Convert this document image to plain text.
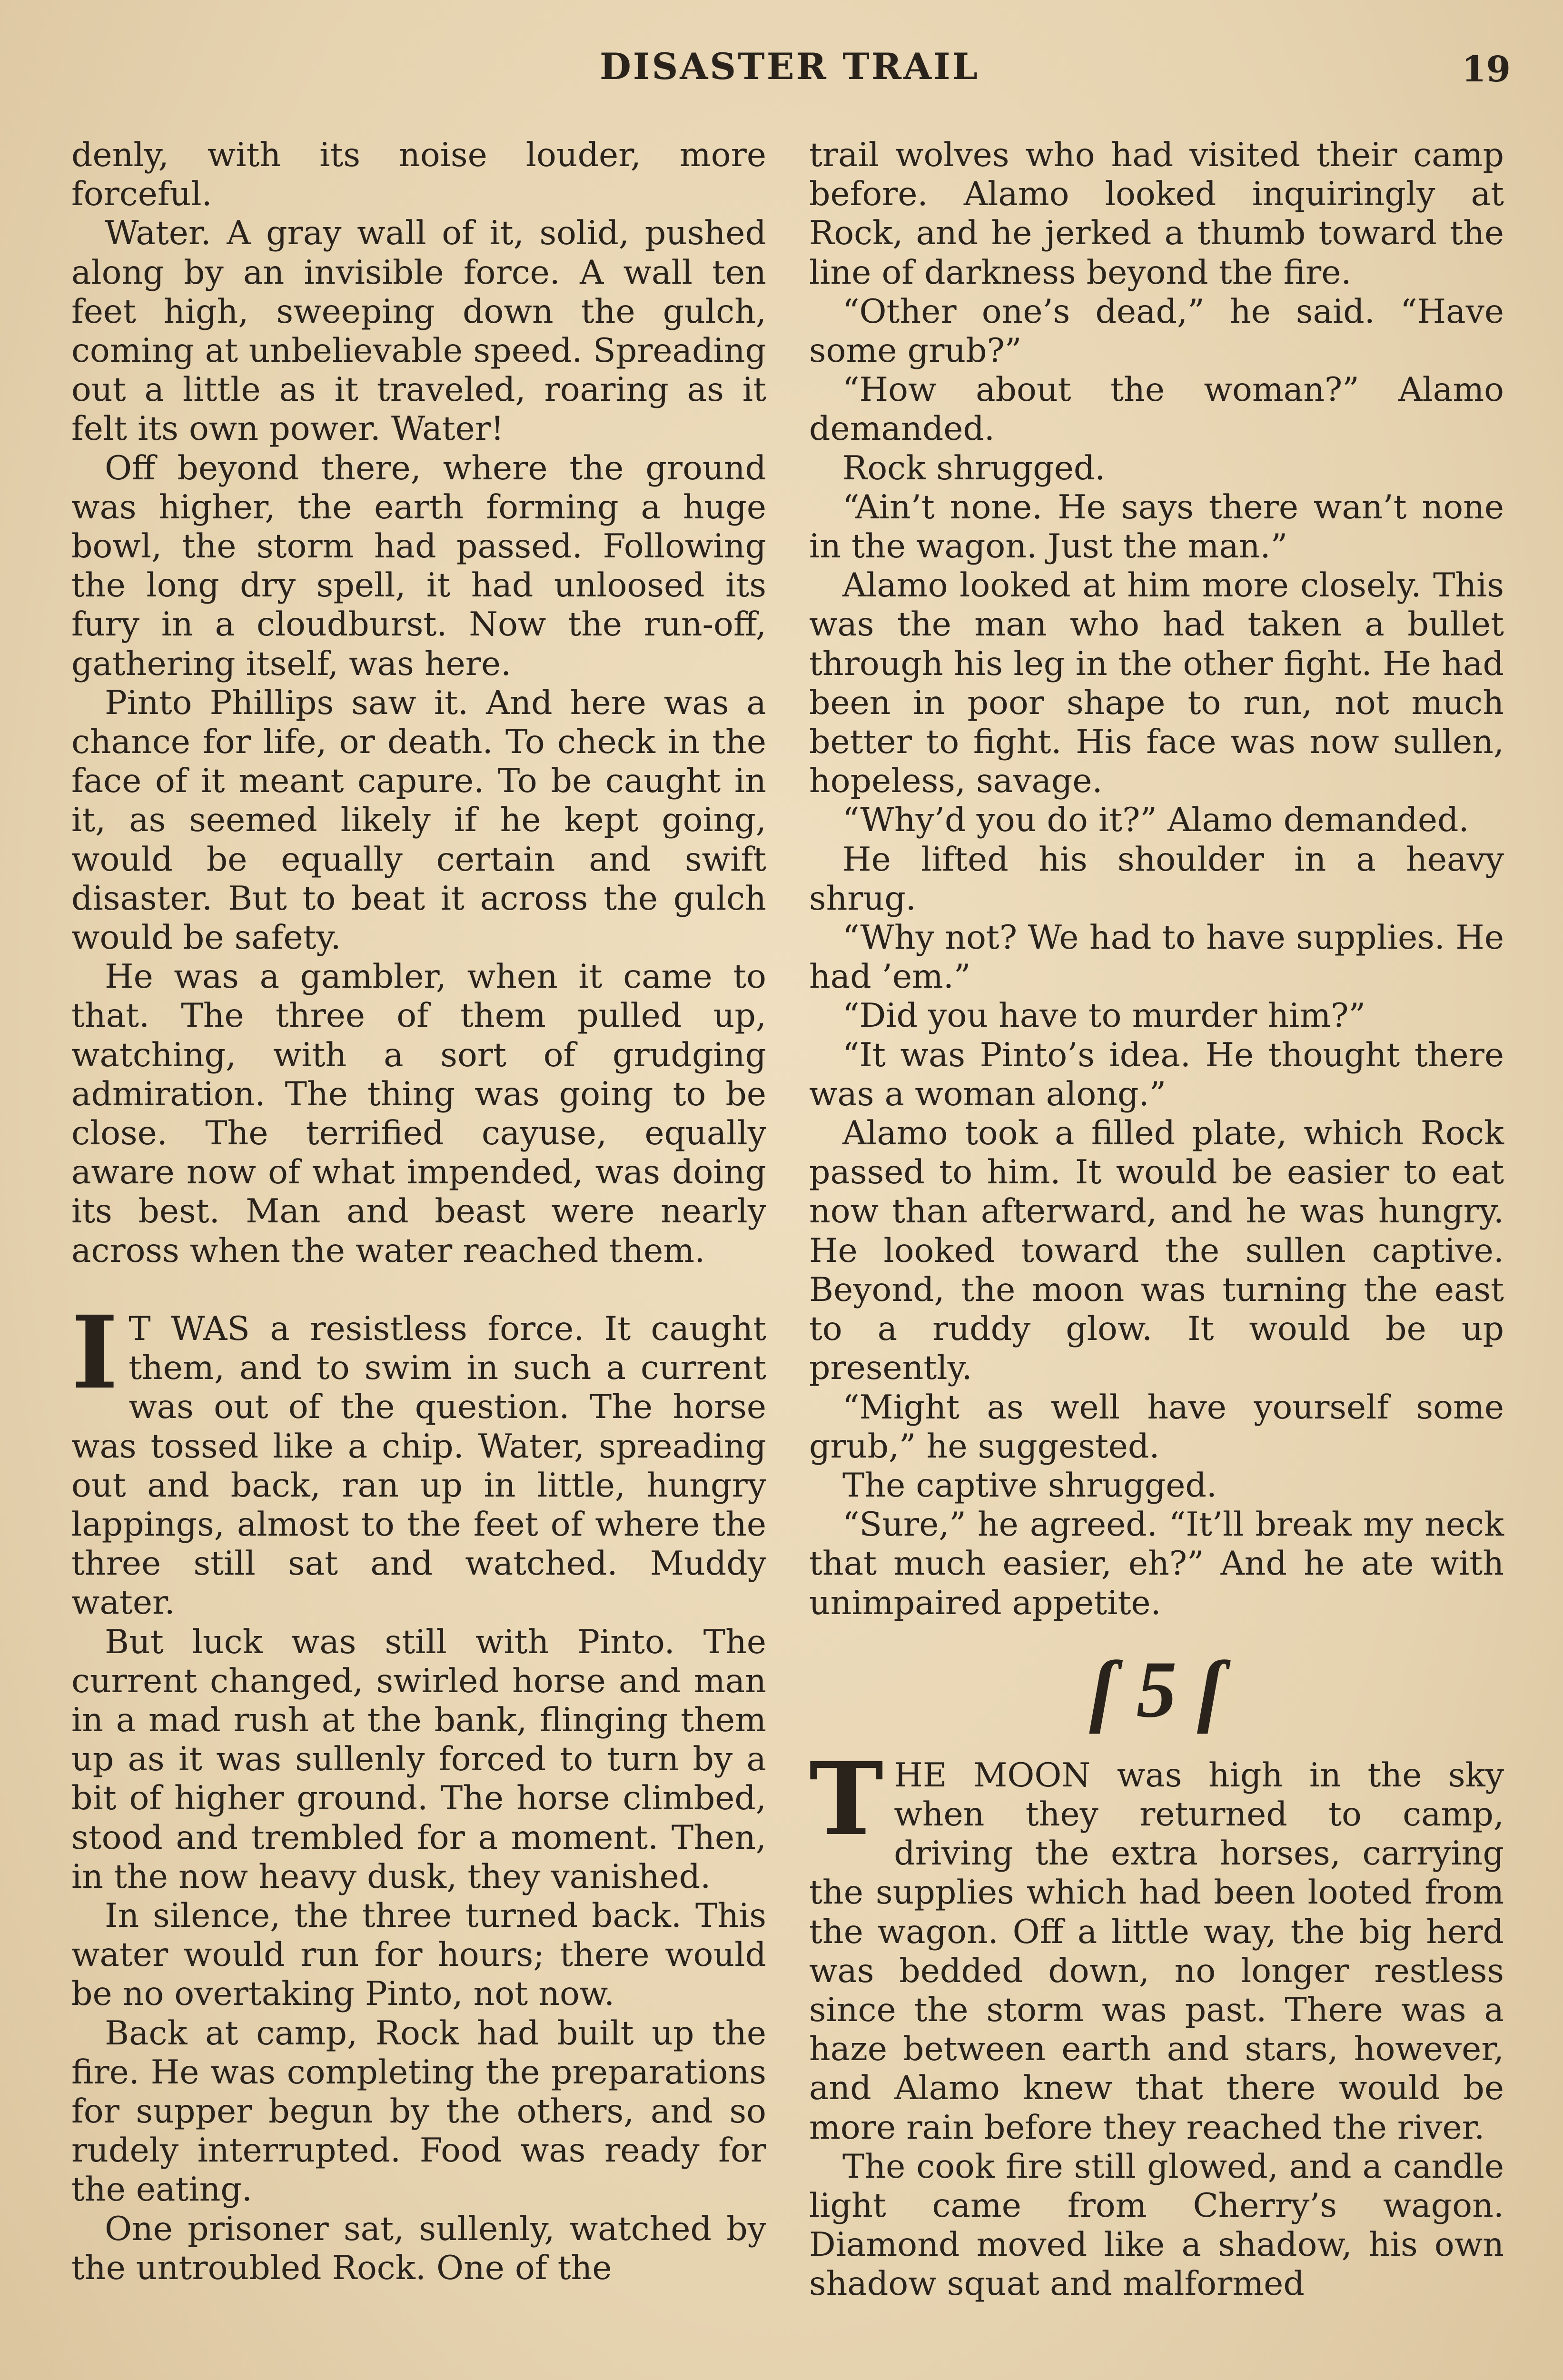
DISASTER TRAIL	19

denly, with its noise louder, more forceful.

Water. A gray wall of it, solid, pushed along by an invisible force. A wall ten feet high, sweeping down the gulch, coming at unbelievable speed. Spreading out a little as it traveled, roaring as it felt its own power. Water!

Off beyond there, where the ground was higher, the earth forming a huge bowl, the storm had passed. Following the long dry spell, it had unloosed its fury in a cloudburst. Now the run-off, gathering itself, was here.

Pinto Phillips saw it. And here was a chance for life, or death. To check in the face of it meant capure. To be caught in it, as seemed likely if he kept going, would be equally certain and swift disaster. But to beat it across the gulch would be safety.

He was a gambler, when it came to that. The three of them pulled up, watching, with a sort of grudging admiration. The thing was going to be close. The terrified cayuse, equally aware now of what impended, was doing its best. Man and beast were nearly across when the water reached them.

I T WAS a resistless force. It caught them, and to swim in such a current was out of the question. The horse was tossed like a chip. Water, spreading out and back, ran up in little, hungry lappings, almost to the feet of where the three still sat and watched. Muddy water.

But luck was still with Pinto. The current changed, swirled horse and man in a mad rush at the bank, flinging them up as it was sullenly forced to turn by a bit of higher ground. The horse climbed, stood and trembled for a moment. Then, in the now heavy dusk, they vanished.

In silence, the three turned back. This water would run for hours; there would be no overtaking Pinto, not now.

Back at camp, Rock had built up the fire. He was completing the preparations for supper begun by the others, and so rudely interrupted. Food was ready for the eating.

One prisoner sat, sullenly, watched by the untroubled Rock. One of the

trail wolves who had visited their camp before. Alamo looked inquiringly at Rock, and he jerked a thumb toward the line of darkness beyond the fire.

“Other one’s dead,” he said. “Have some grub?”

“How about the woman?” Alamo demanded.

Rock shrugged.

“Ain’t none. He says there wan’t none in the wagon. Just the man.”

Alamo looked at him more closely. This was the man who had taken a bullet through his leg in the other fight. He had been in poor shape to run, not much better to fight. His face was now sullen, hopeless, savage.

“Why’d you do it?” Alamo demanded.

He lifted his shoulder in a heavy shrug.

“Why not? We had to have supplies. He had ’em.”

“Did you have to murder him?”

“It was Pinto’s idea. He thought there was a woman along.”

Alamo took a filled plate, which Rock passed to him. It would be easier to eat now than afterward, and he was hungry. He looked toward the sullen captive. Beyond, the moon was turning the east to a ruddy glow. It would be up presently.

“Might as well have yourself some grub,” he suggested.

The captive shrugged.

“Sure,” he agreed. “It’ll break my neck that much easier, eh?” And he ate with unimpaired appetite.

ſ 5 ſ

THE MOON was high in the sky when they returned to camp, driving the extra horses, carrying the supplies which had been looted from the wagon. Off a little way, the big herd was bedded down, no longer restless since the storm was past. There was a haze between earth and stars, however, and Alamo knew that there would be more rain before they reached the river.

The cook fire still glowed, and a candle light came from Cherry’s wagon. Diamond moved like a shadow, his own shadow squat and malformed
